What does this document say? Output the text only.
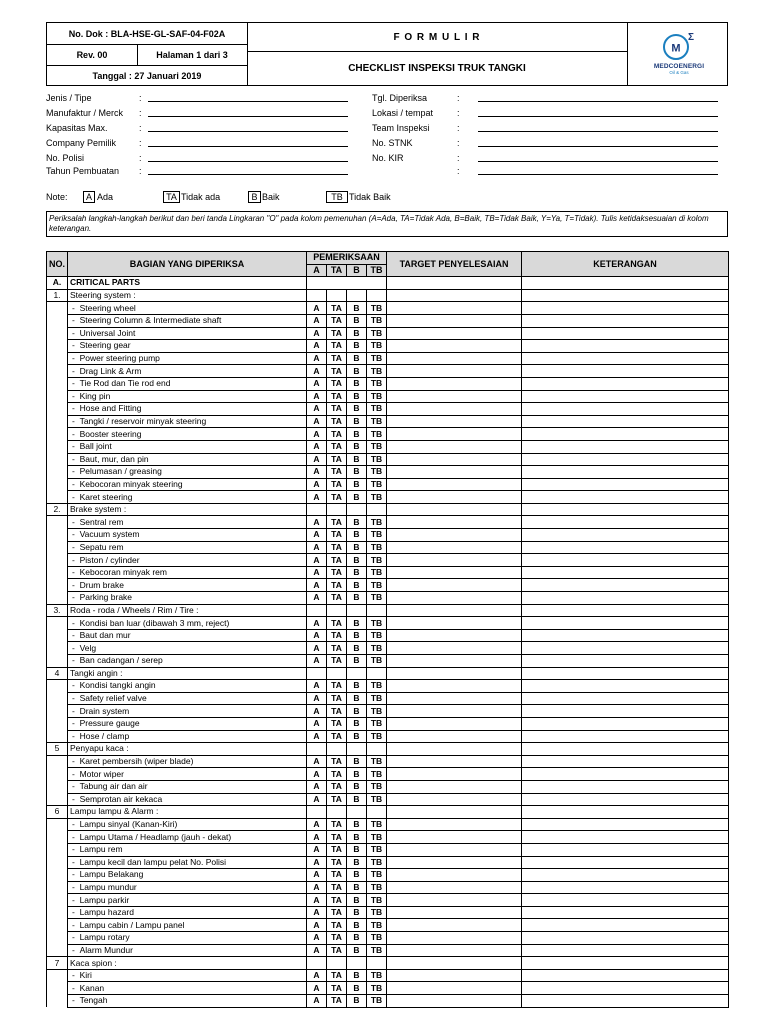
No. Dok : BLA-HSE-GL-SAF-04-F02A
Rev. 00	Halaman 1 dari 3
Tanggal : 27 Januari 2019
F O R M U L I R
CHECKLIST INSPEKSI TRUK TANGKI
M
Σ
MEDCOENERGI
Oil & Gas
Jenis / Tipe	:
Manufaktur / Merck :
Kapasitas Max.	:
Company Pemilik	:
No. Polisi	:
Tahun Pembuatan :
Tgl. Diperiksa	:
Lokasi / tempat	:
Team Inspeksi	:
No. STNK	:
No. KIR	:
:
Note:	A Ada	TA Tidak ada	B Baik	TB Tidak Baik
Periksalah langkah-langkah berikut dan beri tanda Lingkaran "O" pada kolom pemenuhan (A=Ada, TA=Tidak Ada, B=Baik, TB=Tidak Baik, Y=Ya, T=Tidak). Tulis ketidaksesuaian di kolom keterangan.
NO.	BAGIAN YANG DIPERIKSA	PEMERIKSAAN				TARGET PENYELESAIAN	KETERANGAN
		A	TA	B	TB		
A.	CRITICAL PARTS						
1.	Steering system :						
	- Steering wheel	A	TA	B	TB		
	- Steering Column & Intermediate shaft	A	TA	B	TB		
	- Universal Joint	A	TA	B	TB		
	- Steering gear	A	TA	B	TB		
	- Power steering pump	A	TA	B	TB		
	- Drag Link & Arm	A	TA	B	TB		
	- Tie Rod dan Tie rod end	A	TA	B	TB		
	- King pin	A	TA	B	TB		
	- Hose and Fitting	A	TA	B	TB		
	- Tangki / reservoir minyak steering	A	TA	B	TB		
	- Booster steering	A	TA	B	TB		
	- Ball joint	A	TA	B	TB		
	- Baut, mur, dan pin	A	TA	B	TB		
	- Pelumasan / greasing	A	TA	B	TB		
	- Kebocoran minyak steering	A	TA	B	TB		
	- Karet steering	A	TA	B	TB		
2.	Brake system :						
	- Sentral rem	A	TA	B	TB		
	- Vacuum system	A	TA	B	TB		
	- Sepatu rem	A	TA	B	TB		
	- Piston / cylinder	A	TA	B	TB		
	- Kebocoran minyak rem	A	TA	B	TB		
	- Drum brake	A	TA	B	TB		
	- Parking brake	A	TA	B	TB		
3.	Roda - roda / Wheels / Rim / Tire :						
	- Kondisi ban luar (dibawah 3 mm, reject)	A	TA	B	TB		
	- Baut dan mur	A	TA	B	TB		
	- Velg	A	TA	B	TB		
	- Ban cadangan / serep	A	TA	B	TB		
4	Tangki angin :						
	- Kondisi tangki angin	A	TA	B	TB		
	- Safety relief valve	A	TA	B	TB		
	- Drain system	A	TA	B	TB		
	- Pressure gauge	A	TA	B	TB		
	- Hose / clamp	A	TA	B	TB		
5	Penyapu kaca :						
	- Karet pembersih (wiper blade)	A	TA	B	TB		
	- Motor wiper	A	TA	B	TB		
	- Tabung air dan air	A	TA	B	TB		
	- Semprotan air kekaca	A	TA	B	TB		
6	Lampu lampu & Alarm :						
	- Lampu sinyal (Kanan-Kiri)	A	TA	B	TB		
	- Lampu Utama / Headlamp (jauh - dekat)	A	TA	B	TB		
	- Lampu rem	A	TA	B	TB		
	- Lampu kecil dan lampu pelat No. Polisi	A	TA	B	TB		
	- Lampu Belakang	A	TA	B	TB		
	- Lampu mundur	A	TA	B	TB		
	- Lampu parkir	A	TA	B	TB		
	- Lampu hazard	A	TA	B	TB		
	- Lampu cabin / Lampu panel	A	TA	B	TB		
	- Lampu rotary	A	TA	B	TB		
	- Alarm Mundur	A	TA	B	TB		
7	Kaca spion :						
	- Kiri	A	TA	B	TB		
	- Kanan	A	TA	B	TB		
	- Tengah	A	TA	B	TB		
